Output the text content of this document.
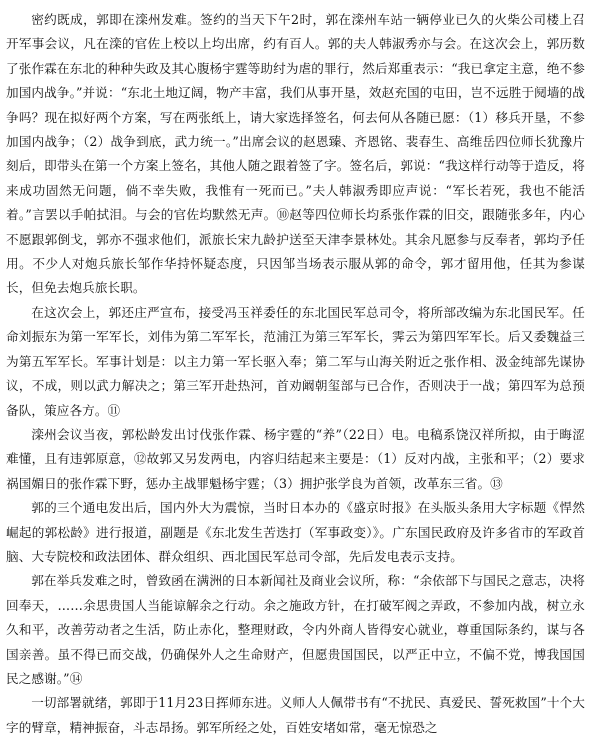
密约既成，郭即在滦州发难。签约的当天下午2时，郭在滦州车站一辆停业已久的火柴公司楼上召开军事会议，凡在滦的官佐上校以上均出席，约有百人。郭的夫人韩淑秀亦与会。在这次会上，郭历数了张作霖在东北的种种失政及其心腹杨宇霆等助纣为虐的罪行，然后郑重表示：“我已拿定主意，绝不参加国内战争。”并说：“东北土地辽阔，物产丰富，我们从事开垦，效赵充国的屯田，岂不远胜于阋墙的战争吗？现在拟好两个方案，写在两张纸上，请大家选择签名，何去何从各随已愿：（1）移兵开垦，不参加国内战争；（2）战争到底，武力统一。”出席会议的赵恩臻、齐恩铭、裴春生、高维岳四位师长犹豫片刻后，即带头在第一个方案上签名，其他人随之跟着签了字。签名后，郭说：“我这样行动等于造反，将来成功固然无问题，倘不幸失败，我惟有一死而已。”夫人韩淑秀即应声说：“军长若死，我也不能活着。”言罢以手帕拭泪。与会的官佐均默然无声。⑩赵等四位师长均系张作霖的旧交，跟随张多年，内心不愿跟郭倒戈，郭亦不强求他们，派旅长宋九龄护送至天津李景林处。其余凡愿参与反奉者，郭均予任用。不少人对炮兵旅长邹作华持怀疑态度，只因邹当场表示服从郭的命令，郭才留用他，任其为参谋长，但免去炮兵旅长职。

在这次会上，郭还庄严宣布，接受冯玉祥委任的东北国民军总司令，将所部改编为东北国民军。任命刘振东为第一军军长，刘伟为第二军军长，范浦江为第三军军长，霁云为第四军军长。后又委魏益三为第五军军长。军事计划是：以主力第一军长驱入奉；第二军与山海关附近之张作相、汲金纯部先谋协议，不成，则以武力解决之；第三军开赴热河，首劝阚朝玺部与已合作，否则决于一战；第四军为总预备队，策应各方。⑪

滦州会议当夜，郭松龄发出讨伐张作霖、杨宇霆的“养”（22日）电。电稿系饶汉祥所拟，由于晦涩难懂，且有违郭原意，⑫故郭又另发两电，内容归结起来主要是：（1）反对内战，主张和平；（2）要求祸国媚日的张作霖下野，惩办主战罪魁杨宇霆；（3）拥护张学良为首领，改革东三省。⑬

郭的三个通电发出后，国内外大为震惊，当时日本办的《盛京时报》在头版头条用大字标题《悍然崛起的郭松龄》进行报道，副题是《东北发生苦迭打（军事政变）》。广东国民政府及许多省市的军政首脑、大专院校和政法团体、群众组织、西北国民军总司令部，先后发电表示支持。

郭在举兵发难之时，曾致函在满洲的日本新闻社及商业会议所，称：“余依部下与国民之意志，决将回奉天，……余思贵国人当能谅解余之行动。余之施政方针，在打破军阀之弄政，不参加内战，树立永久和平，改善劳动者之生活，防止赤化，整理财政，令内外商人皆得安心就业，尊重国际条约，谋与各国亲善。虽不得已而交战，仍确保外人之生命财产，但愿贵国国民，以严正中立，不偏不党，博我国国民之感谢。”⑭

一切部署就绪，郭即于11月23日挥师东进。义师人人佩带书有“不扰民、真爱民、誓死救国”十个大字的臂章，精神振奋，斗志昂扬。郭军所经之处，百姓安堵如常，毫无惊恐之
